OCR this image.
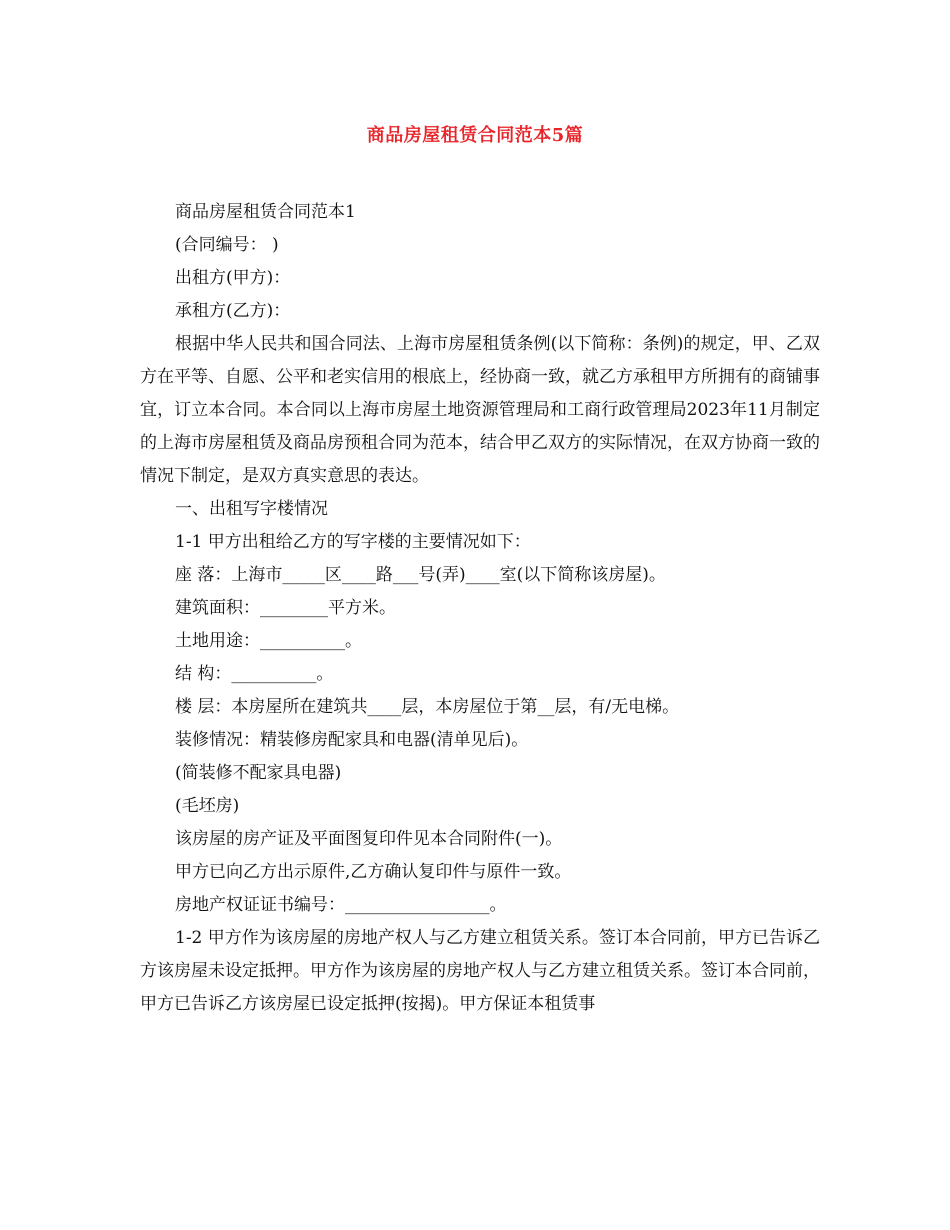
商品房屋租赁合同范本5篇

商品房屋租赁合同范本1

(合同编号： )

出租方(甲方)：

承租方(乙方)：

根据中华人民共和国合同法、上海市房屋租赁条例(以下简称：条例)的规定，甲、乙双方在平等、自愿、公平和老实信用的根底上，经协商一致，就乙方承租甲方所拥有的商铺事宜，订立本合同。本合同以上海市房屋土地资源管理局和工商行政管理局2023年11月制定的上海市房屋租赁及商品房预租合同为范本，结合甲乙双方的实际情况，在双方协商一致的情况下制定，是双方真实意思的表达。

一、出租写字楼情况

1-1 甲方出租给乙方的写字楼的主要情况如下：

座 落：上海市_____区____路___号(弄)____室(以下简称该房屋)。

建筑面积：________平方米。

土地用途：__________。

结 构：__________。

楼 层：本房屋所在建筑共____层，本房屋位于第__层，有/无电梯。

装修情况：精装修房配家具和电器(清单见后)。

(简装修不配家具电器)

(毛坯房)

该房屋的房产证及平面图复印件见本合同附件(一)。

甲方已向乙方出示原件,乙方确认复印件与原件一致。

房地产权证证书编号：_________________。

1-2 甲方作为该房屋的房地产权人与乙方建立租赁关系。签订本合同前，甲方已告诉乙方该房屋未设定抵押。甲方作为该房屋的房地产权人与乙方建立租赁关系。签订本合同前，甲方已告诉乙方该房屋已设定抵押(按揭)。甲方保证本租赁事
